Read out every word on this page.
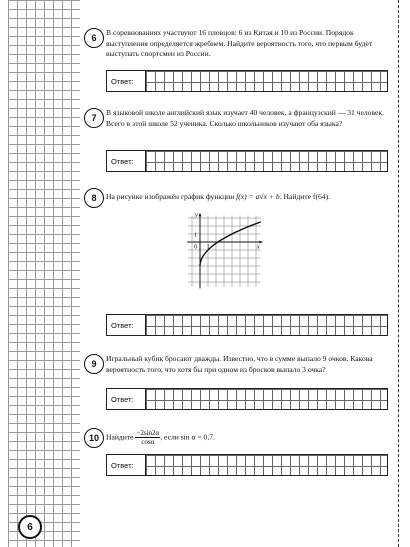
6
В соревнованиях участвуют 16 пловцов: 6 из Китая и 10 из России. Порядок выступления определяется жребием. Найдите вероятность того, что первым будет выступать спортсмен из России.
Ответ:
7
В языковой школе английский язык изучает 40 человек, а французский — 31 человек. Всего в этой школе 52 ученика. Сколько школьников изучают оба языка?
Ответ:
8	На рисунке изображён график функции f(x) = a√x + b. Найдите f(64).
Ответ:
y
x
0
1
1
9
Игральный кубик бросают дважды. Известно, что в сумме выпало 9 очков. Какова вероятность того, что хотя бы при одном из бросков выпало 3 очка?
Ответ:
10 Найдите $\frac{-2\sin 2\alpha}{\cos\alpha}$ , если sin α = 0,7.
Ответ:
6
